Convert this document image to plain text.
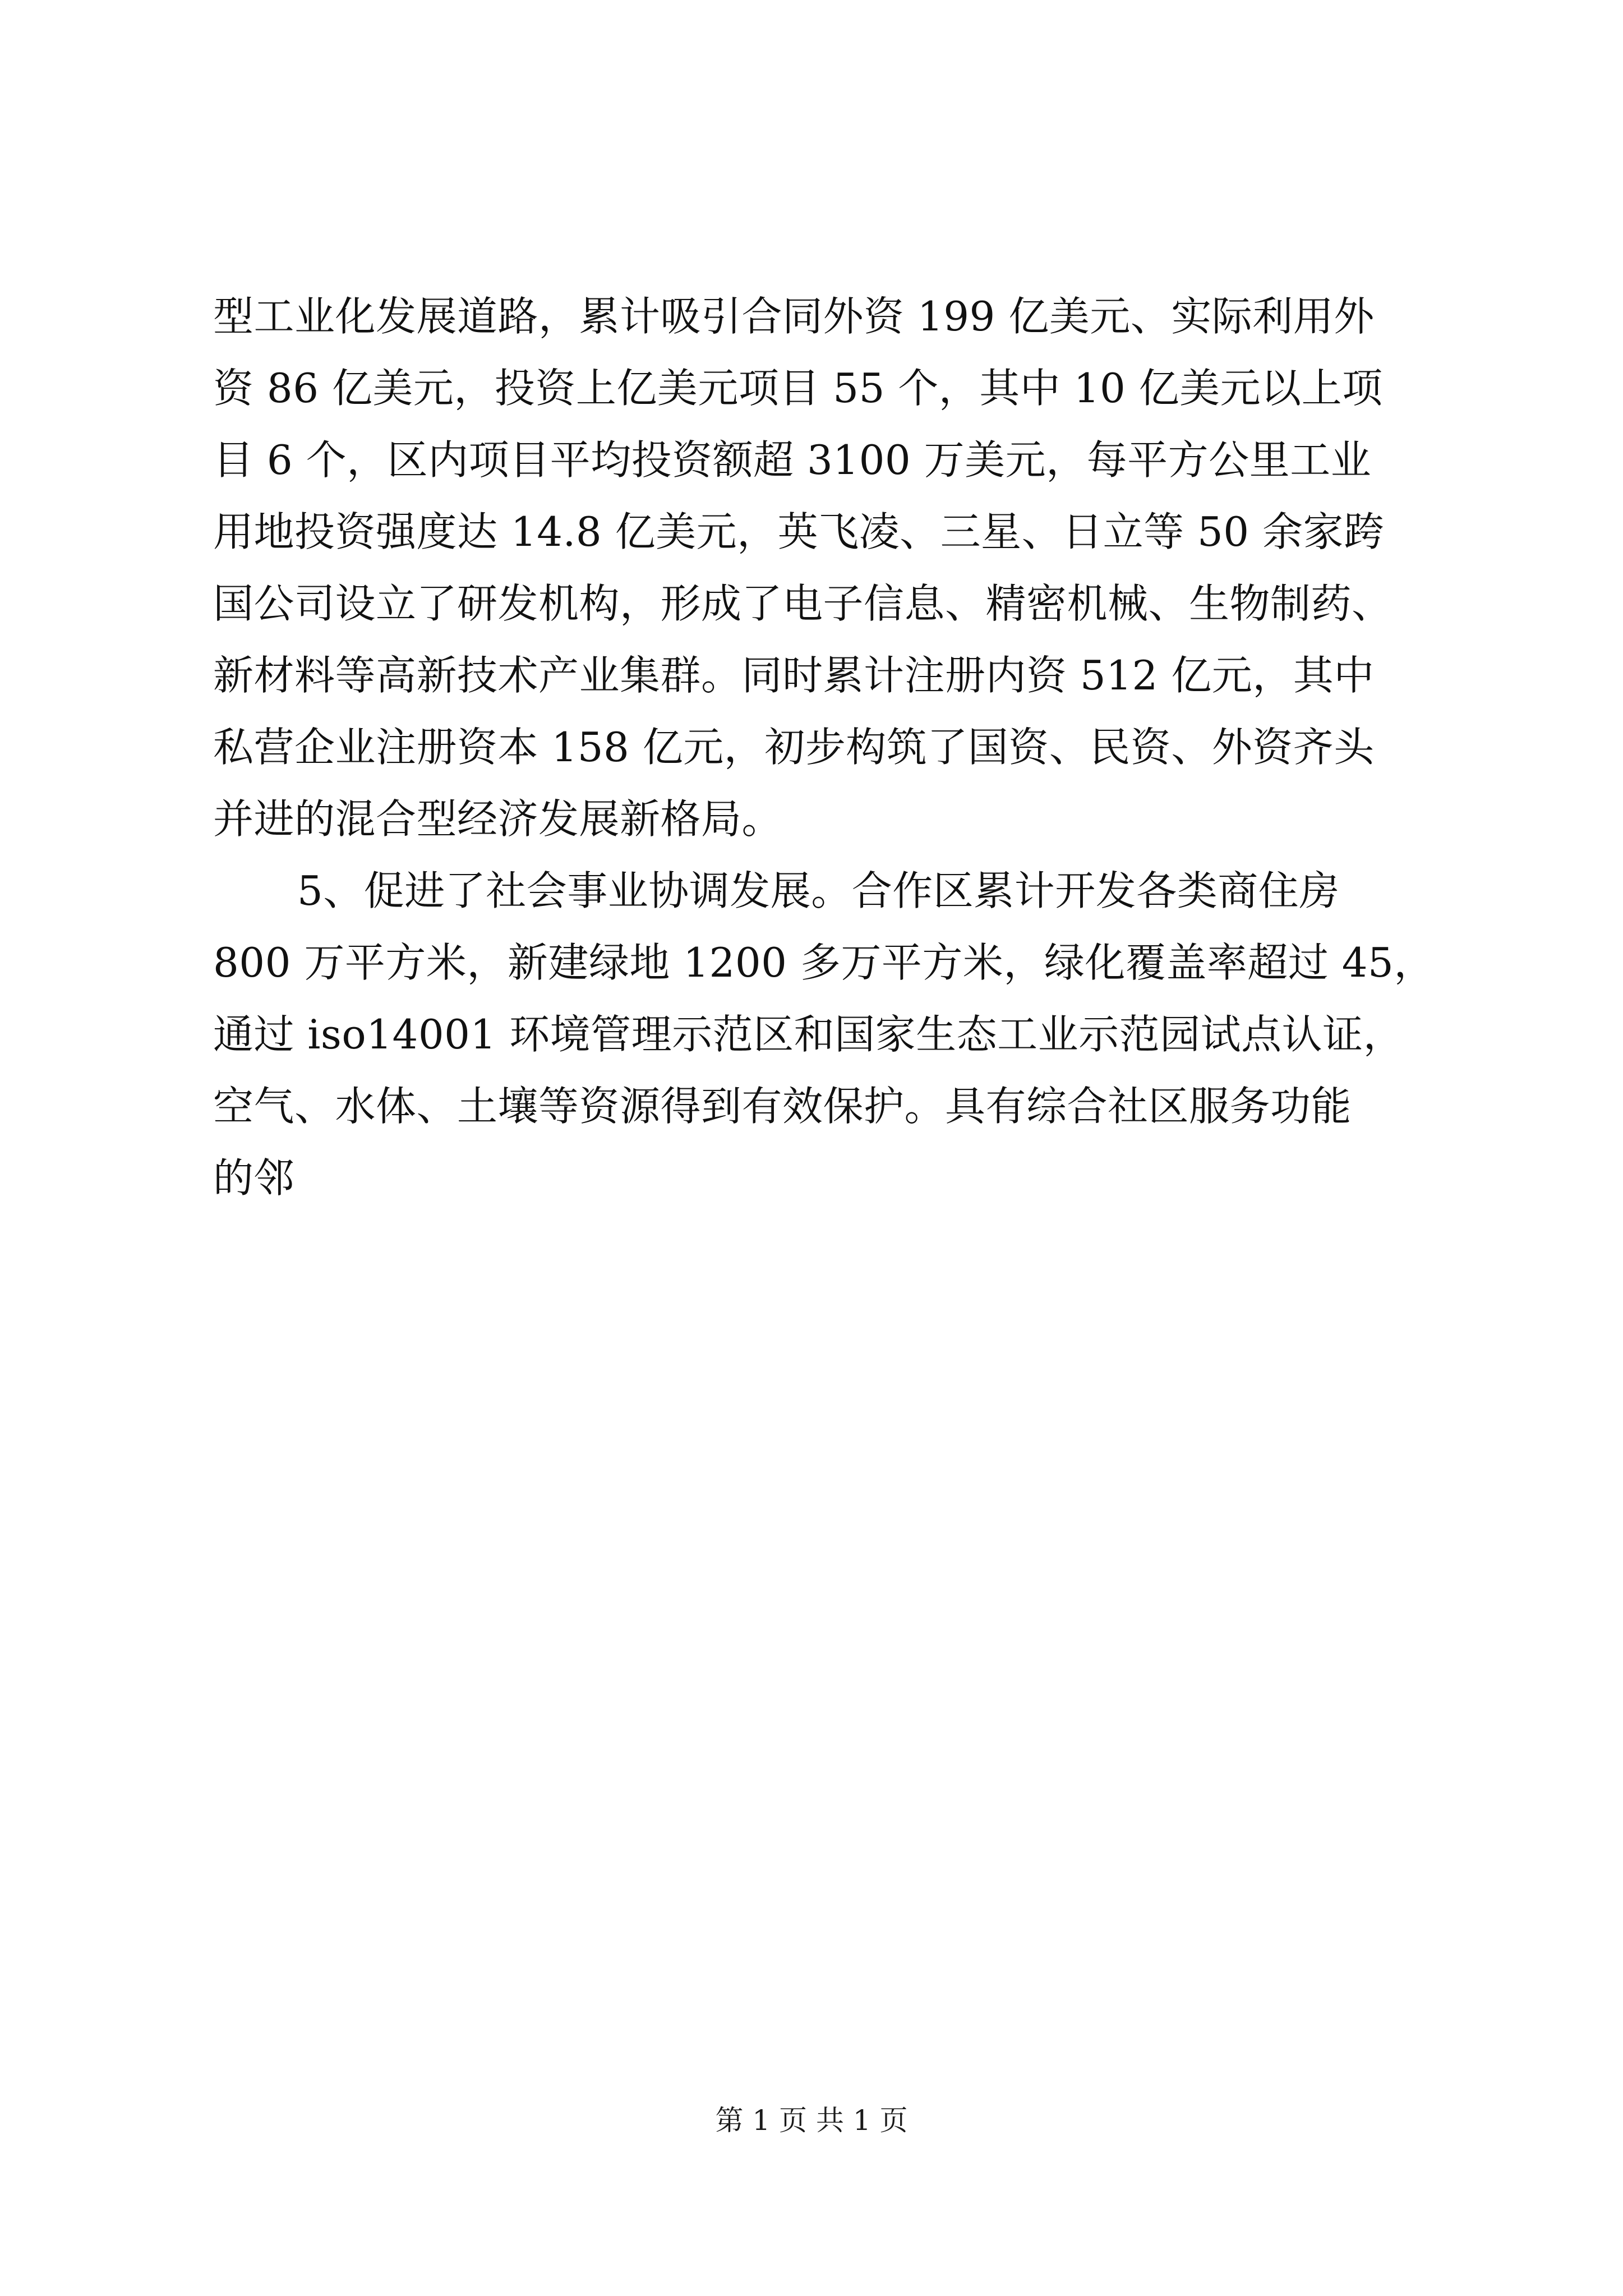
型工业化发展道路，累计吸引合同外资 199 亿美元、实际利用外
资 86 亿美元，投资上亿美元项目 55 个，其中 10 亿美元以上项
目 6 个，区内项目平均投资额超 3100 万美元，每平方公里工业
用地投资强度达 14.8 亿美元，英飞凌、三星、日立等 50 余家跨
国公司设立了研发机构，形成了电子信息、精密机械、生物制药、
新材料等高新技术产业集群。同时累计注册内资 512 亿元，其中
私营企业注册资本 158 亿元，初步构筑了国资、民资、外资齐头
并进的混合型经济发展新格局。
5、促进了社会事业协调发展。合作区累计开发各类商住房
800 万平方米，新建绿地 1200 多万平方米，绿化覆盖率超过 45，
通过 iso14001 环境管理示范区和国家生态工业示范园试点认证，
空气、水体、土壤等资源得到有效保护。具有综合社区服务功能
的邻
第 1 页 共 1 页
